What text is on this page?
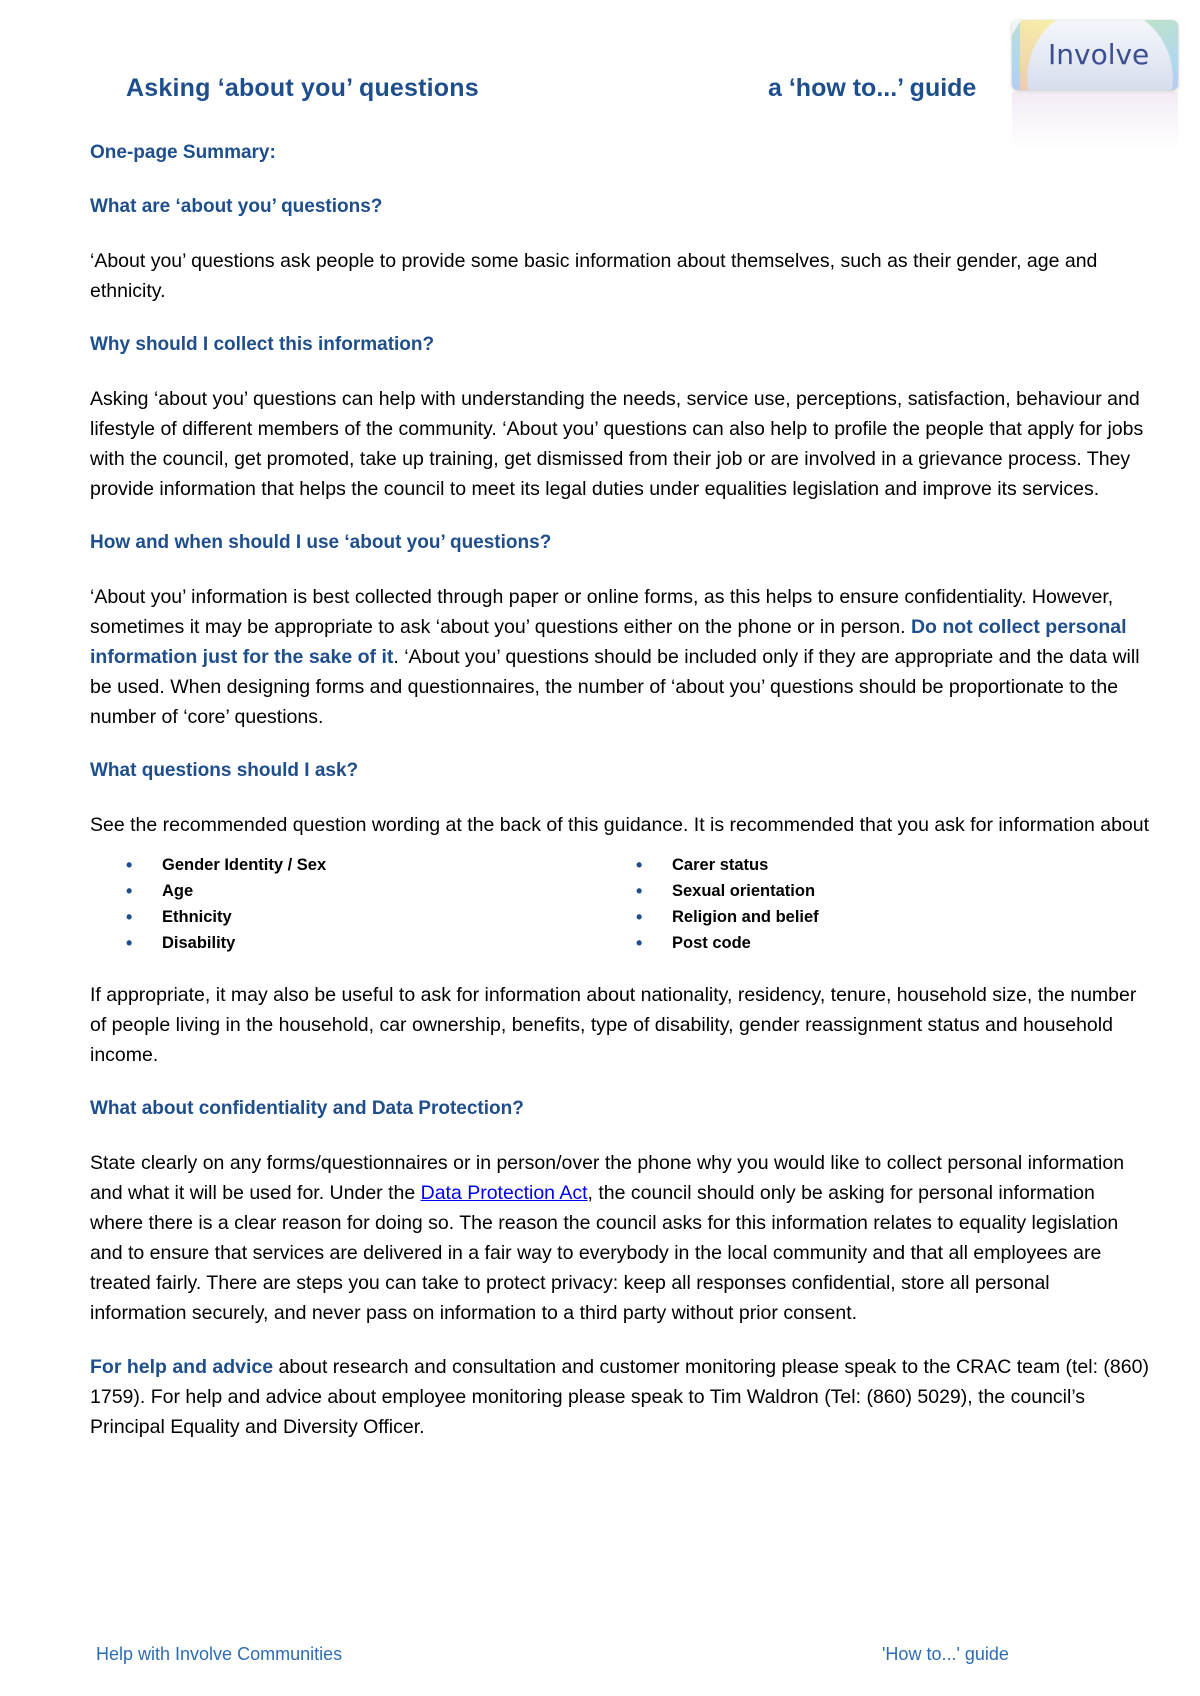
Asking ‘about you’ questions	a ‘how to...’ guide
Involve

One-page Summary:

What are ‘about you’ questions?

‘About you’ questions ask people to provide some basic information about themselves, such as their gender, age and ethnicity.

Why should I collect this information?

Asking ‘about you’ questions can help with understanding the needs, service use, perceptions, satisfaction, behaviour and lifestyle of different members of the community. ‘About you’ questions can also help to profile the people that apply for jobs with the council, get promoted, take up training, get dismissed from their job or are involved in a grievance process. They provide information that helps the council to meet its legal duties under equalities legislation and improve its services.

How and when should I use ‘about you’ questions?

‘About you’ information is best collected through paper or online forms, as this helps to ensure confidentiality. However, sometimes it may be appropriate to ask ‘about you’ questions either on the phone or in person. Do not collect personal information just for the sake of it. ‘About you’ questions should be included only if they are appropriate and the data will be used. When designing forms and questionnaires, the number of ‘about you’ questions should be proportionate to the number of ‘core’ questions.

What questions should I ask?

See the recommended question wording at the back of this guidance. It is recommended that you ask for information about

• Gender Identity / Sex
• Age
• Ethnicity
• Disability
• Carer status
• Sexual orientation
• Religion and belief
• Post code

If appropriate, it may also be useful to ask for information about nationality, residency, tenure, household size, the number of people living in the household, car ownership, benefits, type of disability, gender reassignment status and household income.

What about confidentiality and Data Protection?

State clearly on any forms/questionnaires or in person/over the phone why you would like to collect personal information and what it will be used for. Under the Data Protection Act, the council should only be asking for personal information where there is a clear reason for doing so. The reason the council asks for this information relates to equality legislation and to ensure that services are delivered in a fair way to everybody in the local community and that all employees are treated fairly. There are steps you can take to protect privacy: keep all responses confidential, store all personal information securely, and never pass on information to a third party without prior consent.

For help and advice about research and consultation and customer monitoring please speak to the CRAC team (tel: (860) 1759). For help and advice about employee monitoring please speak to Tim Waldron (Tel: (860) 5029), the council’s Principal Equality and Diversity Officer.

Help with Involve Communities	'How to...' guide
